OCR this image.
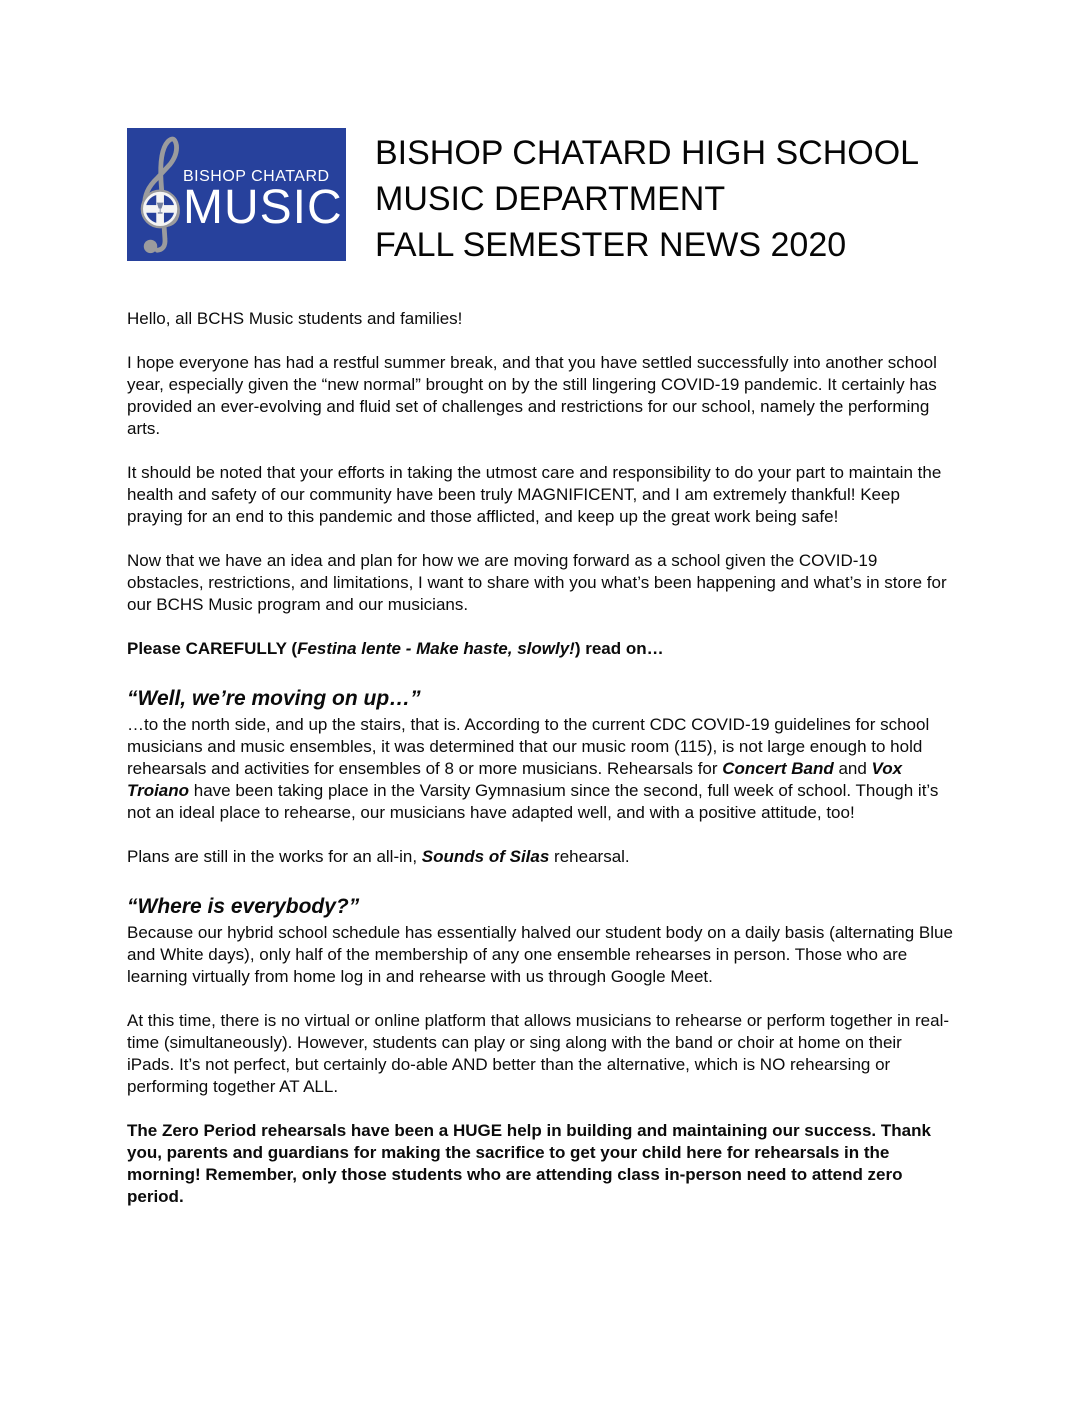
BISHOP CHATARD
MUSIC
BISHOP CHATARD HIGH SCHOOL
MUSIC DEPARTMENT
FALL SEMESTER NEWS 2020

Hello, all BCHS Music students and families!

I hope everyone has had a restful summer break, and that you have settled successfully into another school year, especially given the “new normal” brought on by the still lingering COVID-19 pandemic. It certainly has provided an ever-evolving and fluid set of challenges and restrictions for our school, namely the performing arts.

It should be noted that your efforts in taking the utmost care and responsibility to do your part to maintain the health and safety of our community have been truly MAGNIFICENT, and I am extremely thankful! Keep praying for an end to this pandemic and those afflicted, and keep up the great work being safe!

Now that we have an idea and plan for how we are moving forward as a school given the COVID-19 obstacles, restrictions, and limitations, I want to share with you what’s been happening and what’s in store for our BCHS Music program and our musicians.

Please CAREFULLY (Festina lente - Make haste, slowly!) read on…

“Well, we’re moving on up…”

…to the north side, and up the stairs, that is. According to the current CDC COVID-19 guidelines for school musicians and music ensembles, it was determined that our music room (115), is not large enough to hold rehearsals and activities for ensembles of 8 or more musicians. Rehearsals for Concert Band and Vox Troiano have been taking place in the Varsity Gymnasium since the second, full week of school. Though it’s not an ideal place to rehearse, our musicians have adapted well, and with a positive attitude, too!

Plans are still in the works for an all-in, Sounds of Silas rehearsal.

“Where is everybody?”

Because our hybrid school schedule has essentially halved our student body on a daily basis (alternating Blue and White days), only half of the membership of any one ensemble rehearses in person. Those who are learning virtually from home log in and rehearse with us through Google Meet.

At this time, there is no virtual or online platform that allows musicians to rehearse or perform together in real-time (simultaneously). However, students can play or sing along with the band or choir at home on their iPads. It’s not perfect, but certainly do-able AND better than the alternative, which is NO rehearsing or performing together AT ALL.

The Zero Period rehearsals have been a HUGE help in building and maintaining our success. Thank you, parents and guardians for making the sacrifice to get your child here for rehearsals in the morning! Remember, only those students who are attending class in-person need to attend zero period.
